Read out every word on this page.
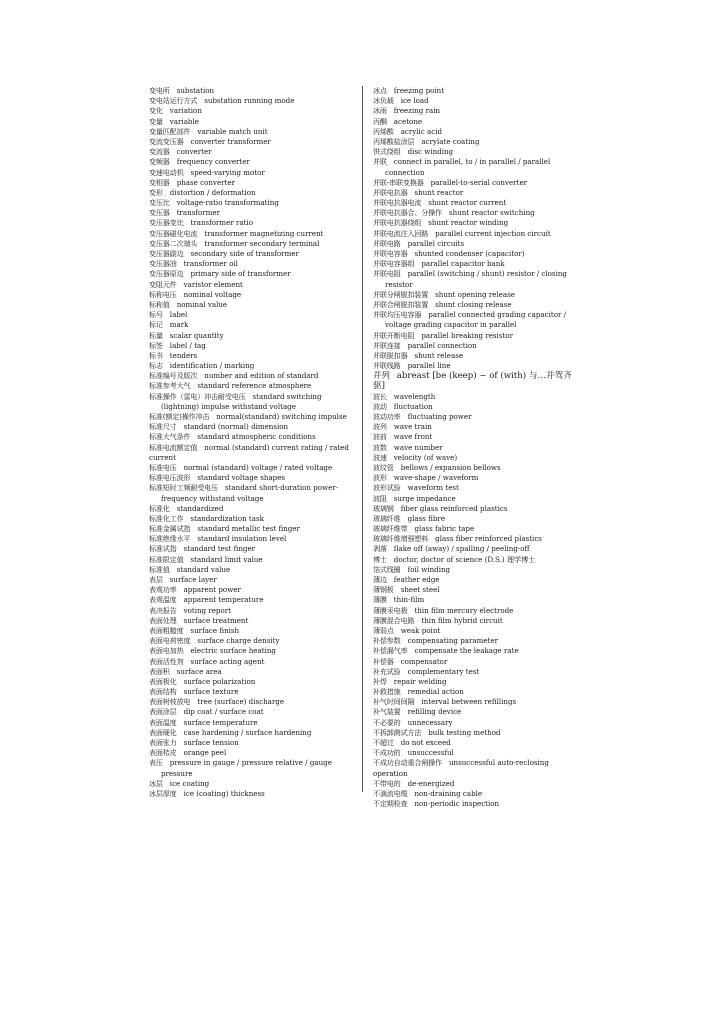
变电所 substation
变电站运行方式 substation running mode
变化 variation
变量 variable
变量匹配部件 variable match unit
变流变压器 converter transformer
变流器 converter
变频器 frequency converter
变速电动机 speed-varying motor
变相器 phase converter
变形 distortion / deformation
变压比 voltage-ratio transformating
变压器 transformer
变压器变比 transformer ratio
变压器磁化电流 transformer magnetizing current
变压器二次端头 transformer secondary terminal
变压器副边 secondary side of transformer
变压器油 transformer oil
变压器原边 primary side of transformer
变阻元件 varistor element
标称电压 nominal voltage
标称值 nominal value
标号 label
标记 mark
标量 scalar quantity
标签 label / tag
标书 tenders
标志 identification / marking
标准编号及版次 number and edition of standard
标准参考大气 standard reference atmosphere
标准操作（雷电）冲击耐受电压 standard switching (lightning) impulse withstand voltage
标准(额定)操作冲击 normal(standard) switching impulse
标准尺寸 standard (normal) dimension
标准大气条件 standard atmospheric conditions
标准电流额定值 normal (standard) current rating / rated current
标准电压 normal (standard) voltage / rated voltage
标准电压波形 standard voltage shapes
标准短时工频耐受电压 standard short-duration power-frequency withstand voltage
标准化 standardized
标准化工作 standardization task
标准金属试指 standard metallic test finger
标准绝缘水平 standard insulation level
标准试指 standard test finger
标准限定值 standard limit value
标准值 standard value
表层 surface layer
表观功率 apparent power
表观温度 apparent temperature
表决报告 voting report
表面处理 surface treatment
表面粗糙度 surface finish
表面电荷密度 surface charge density
表面电加热 electric surface heating
表面活性剂 surface acting agent
表面积 surface area
表面极化 surface polarization
表面结构 surface texture
表面树枝放电 tree (surface) discharge
表面涂层 dip coat / surface coat
表面温度 surface temperature
表面硬化 case hardening / surface hardening
表面张力 surface tension
表面桔皮 orange peel
表压 pressure in gauge / pressure relative / gauge pressure
冰层 ice coating
冰层厚度 ice (coating) thickness
冰点 freezing point
冰负载 ice load
冰雨 freezing rain
丙酮 acetone
丙烯酸 acrylic acid
丙烯酸盐涂层 acrylate coating
饼式绕组 disc winding
并联 connect in parallel, to / in parallel / parallel connection
并联-串联变换器 parallel-to-serial converter
并联电抗器 shunt reactor
并联电抗器电流 shunt reactor current
并联电抗器合、分操作 shunt reactor switching
并联电抗器绕组 shunt reactor winding
并联电流注入回路 parallel current injection circuit
并联电路 parallel circuits
并联电容器 shunted condenser (capacitor)
并联电容器组 parallel capacitor bank
并联电阻 parallel (switching / shunt) resistor / closing resistor
并联分闸脱扣装置 shunt opening release
并联合闸脱扣装置 shunt closing release
并联均压电容器 parallel connected grading capacitor / voltage grading capacitor in parallel
并联开断电阻 parallel breaking resistor
并联连接 parallel connection
并联脱扣器 shunt release
并联线路 parallel line
并列 abreast [be (keep) ~ of (with) 与…并驾齐驱]
波长 wavelength
波动 fluctuation
波动功率 fluctuating power
波列 wave train
波前 wave front
波数 wave number
波速 velocity (of wave)
波纹管 bellows / expansion bellows
波形 wave-shape / waveform
波形试验 waveform test
波阻 surge impedance
玻璃钢 fiber glass reinforced plastics
玻璃纤维 glass fibre
玻璃纤维带 glass fabric tape
玻璃纤维增强塑料 glass fiber reinforced plastics
剥落 flake off (away) / spalling / peeling-off
博士 doctor, doctor of science (D.S.) 理学博士
箔式线圈 foil winding
薄边 feather edge
薄钢板 sheet steel
薄膜 thin-film
薄膜汞电极 thin film mercury electrode
薄膜混合电路 thin film hybrid circuit
薄弱点 weak point
补偿参数 compensating parameter
补偿漏气率 compensate the leakage rate
补偿器 compensator
补充试验 complementary test
补焊 repair welding
补救措施 remedial action
补气时间间隔 interval between refillings
补气装置 refilling device
不必要的 unnecessary
不拆卸测试方法 bulk testing method
不超过 do not exceed
不成功的 unsuccessful
不成功自动重合闸操作 unsuccessful auto-reclosing operation
不带电的 de-energized
不滴流电缆 non-draining cable
不定期检查 non-periodic inspection
